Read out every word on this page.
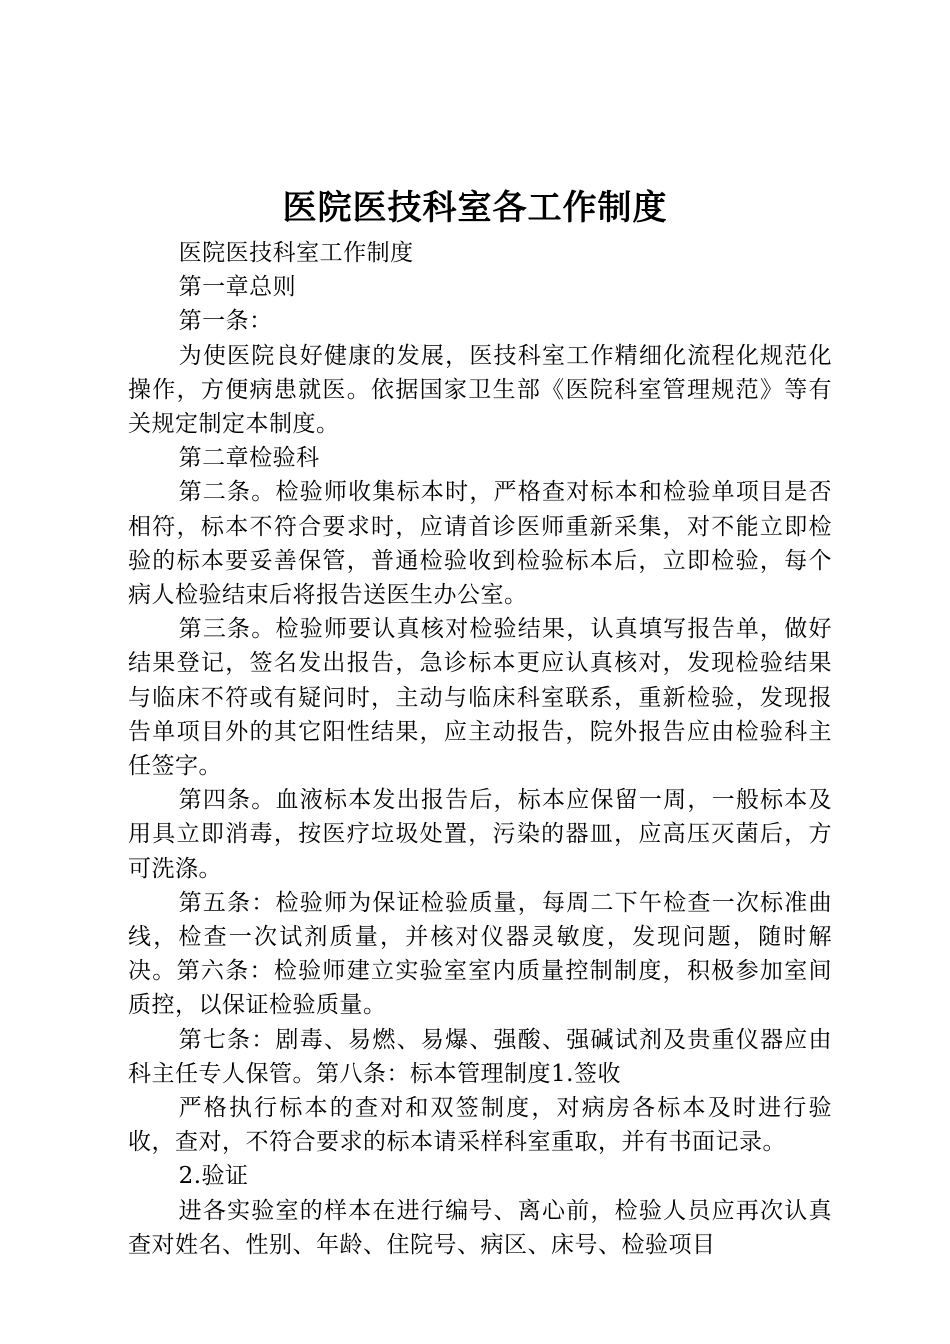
医院医技科室各工作制度

医院医技科室工作制度

第一章总则

第一条：

为使医院良好健康的发展，医技科室工作精细化流程化规范化操作，方便病患就医。依据国家卫生部《医院科室管理规范》等有关规定制定本制度。

第二章检验科

第二条。检验师收集标本时，严格查对标本和检验单项目是否相符，标本不符合要求时，应请首诊医师重新采集，对不能立即检验的标本要妥善保管，普通检验收到检验标本后，立即检验，每个病人检验结束后将报告送医生办公室。

第三条。检验师要认真核对检验结果，认真填写报告单，做好结果登记，签名发出报告，急诊标本更应认真核对，发现检验结果与临床不符或有疑问时，主动与临床科室联系，重新检验，发现报告单项目外的其它阳性结果，应主动报告，院外报告应由检验科主任签字。

第四条。血液标本发出报告后，标本应保留一周，一般标本及用具立即消毒，按医疗垃圾处置，污染的器皿，应高压灭菌后，方可洗涤。

第五条：检验师为保证检验质量，每周二下午检查一次标准曲线，检查一次试剂质量，并核对仪器灵敏度，发现问题，随时解决。第六条：检验师建立实验室室内质量控制制度，积极参加室间质控，以保证检验质量。

第七条：剧毒、易燃、易爆、强酸、强碱试剂及贵重仪器应由科主任专人保管。第八条：标本管理制度1.签收

严格执行标本的查对和双签制度，对病房各标本及时进行验收，查对，不符合要求的标本请采样科室重取，并有书面记录。

2.验证

进各实验室的样本在进行编号、离心前，检验人员应再次认真查对姓名、性别、年龄、住院号、病区、床号、检验项目
